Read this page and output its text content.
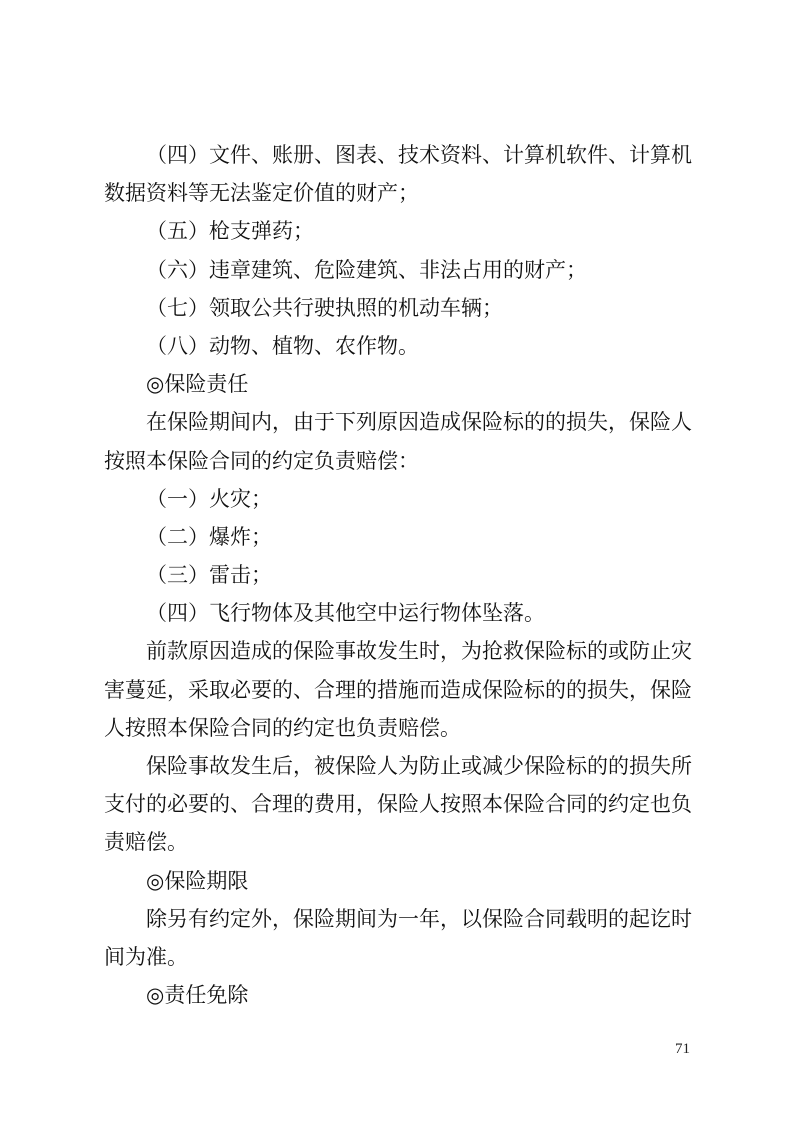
（四）文件、账册、图表、技术资料、计算机软件、计算机
数据资料等无法鉴定价值的财产；
（五）枪支弹药；
（六）违章建筑、危险建筑、非法占用的财产；
（七）领取公共行驶执照的机动车辆；
（八）动物、植物、农作物。
◎保险责任
在保险期间内，由于下列原因造成保险标的的损失，保险人
按照本保险合同的约定负责赔偿：
（一）火灾；
（二）爆炸；
（三）雷击；
（四）飞行物体及其他空中运行物体坠落。
前款原因造成的保险事故发生时，为抢救保险标的或防止灾
害蔓延，采取必要的、合理的措施而造成保险标的的损失，保险
人按照本保险合同的约定也负责赔偿。
保险事故发生后，被保险人为防止或减少保险标的的损失所
支付的必要的、合理的费用，保险人按照本保险合同的约定也负
责赔偿。
◎保险期限
除另有约定外，保险期间为一年，以保险合同载明的起讫时
间为准。
◎责任免除
71
